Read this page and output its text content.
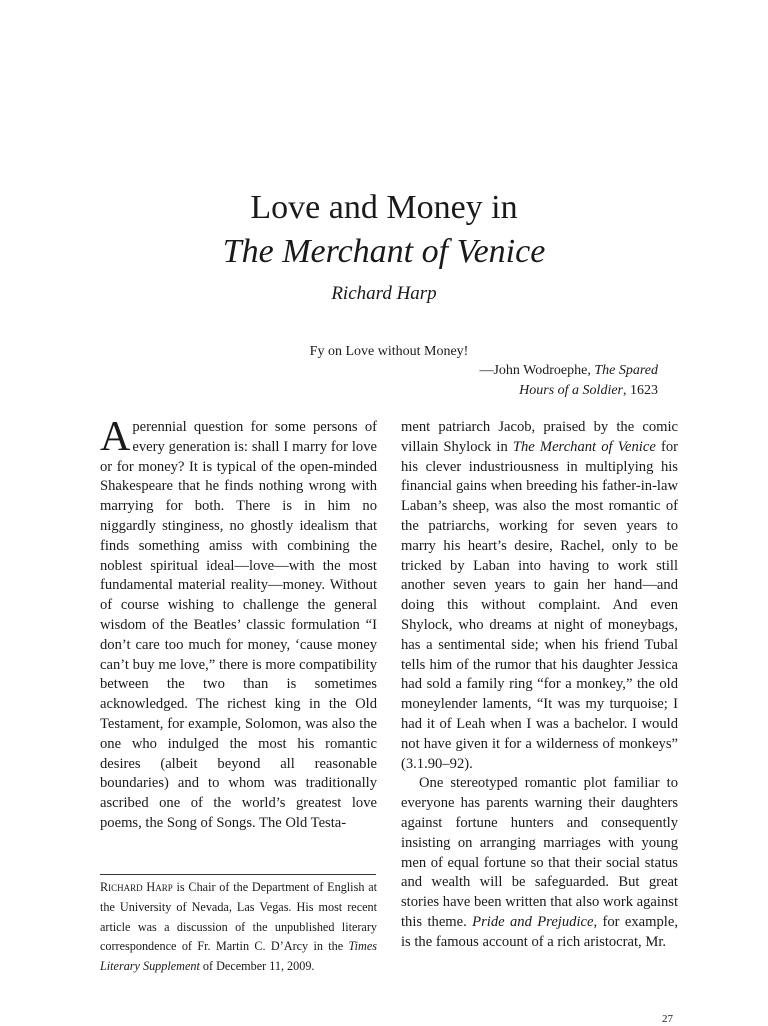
Love and Money in
The Merchant of Venice
Richard Harp
Fy on Love without Money!
—John Wodroephe, The Spared
Hours of a Soldier, 1623

A perennial question for some persons of every generation is: shall I marry for love or for money? It is typical of the open-minded Shakespeare that he finds nothing wrong with marrying for both. There is in him no niggardly stinginess, no ghostly idealism that finds something amiss with combining the noblest spiritual ideal—love—with the most fundamental material reality—money. Without of course wishing to challenge the general wisdom of the Beatles’ classic formulation “I don’t care too much for money, ‘cause money can’t buy me love,” there is more compatibility between the two than is sometimes acknowledged. The richest king in the Old Testament, for example, Solomon, was also the one who indulged the most his romantic desires (albeit beyond all reasonable boundaries) and to whom was traditionally ascribed one of the world’s greatest love poems, the Song of Songs. The Old Testa-

ment patriarch Jacob, praised by the comic villain Shylock in The Merchant of Venice for his clever industriousness in multiplying his financial gains when breeding his father-in-law Laban’s sheep, was also the most romantic of the patriarchs, working for seven years to marry his heart’s desire, Rachel, only to be tricked by Laban into having to work still another seven years to gain her hand—and doing this without complaint. And even Shylock, who dreams at night of moneybags, has a sentimental side; when his friend Tubal tells him of the rumor that his daughter Jessica had sold a family ring “for a monkey,” the old moneylender laments, “It was my turquoise; I had it of Leah when I was a bachelor. I would not have given it for a wilderness of monkeys” (3.1.90–92).

One stereotyped romantic plot familiar to everyone has parents warning their daughters against fortune hunters and consequently insisting on arranging marriages with young men of equal fortune so that their social status and wealth will be safeguarded. But great stories have been written that also work against this theme. Pride and Prejudice, for example, is the famous account of a rich aristocrat, Mr.

Richard Harp is Chair of the Department of English at the University of Nevada, Las Vegas. His most recent article was a discussion of the unpublished literary correspondence of Fr. Martin C. D’Arcy in the Times Literary Supplement of December 11, 2009.
27
